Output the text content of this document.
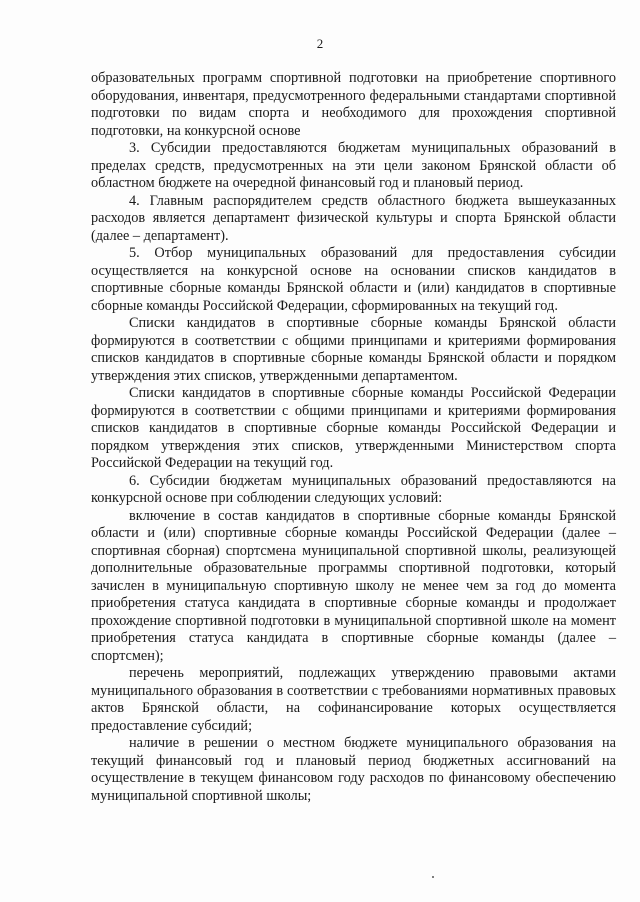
2

образовательных программ спортивной подготовки на приобретение спортивного оборудования, инвентаря, предусмотренного федеральными стандартами спортивной подготовки по видам спорта и необходимого для прохождения спортивной подготовки, на конкурсной основе

3. Субсидии предоставляются бюджетам муниципальных образований в пределах средств, предусмотренных на эти цели законом Брянской области об областном бюджете на очередной финансовый год и плановый период.

4. Главным распорядителем средств областного бюджета вышеуказанных расходов является департамент физической культуры и спорта Брянской области (далее – департамент).

5. Отбор муниципальных образований для предоставления субсидии осуществляется на конкурсной основе на основании списков кандидатов в спортивные сборные команды Брянской области и (или) кандидатов в спортивные сборные команды Российской Федерации, сформированных на текущий год.

Списки кандидатов в спортивные сборные команды Брянской области формируются в соответствии с общими принципами и критериями формирования списков кандидатов в спортивные сборные команды Брянской области и порядком утверждения этих списков, утвержденными департаментом.

Списки кандидатов в спортивные сборные команды Российской Федерации формируются в соответствии с общими принципами и критериями формирования списков кандидатов в спортивные сборные команды Российской Федерации и порядком утверждения этих списков, утвержденными Министерством спорта Российской Федерации на текущий год.

6. Субсидии бюджетам муниципальных образований предоставляются на конкурсной основе при соблюдении следующих условий:

включение в состав кандидатов в спортивные сборные команды Брянской области и (или) спортивные сборные команды Российской Федерации (далее – спортивная сборная) спортсмена муниципальной спортивной школы, реализующей дополнительные образовательные программы спортивной подготовки, который зачислен в муниципальную спортивную школу не менее чем за год до момента приобретения статуса кандидата в спортивные сборные команды и продолжает прохождение спортивной подготовки в муниципальной спортивной школе на момент приобретения статуса кандидата в спортивные сборные команды (далее – спортсмен);

перечень мероприятий, подлежащих утверждению правовыми актами муниципального образования в соответствии с требованиями нормативных правовых актов Брянской области, на софинансирование которых осуществляется предоставление субсидий;

наличие в решении о местном бюджете муниципального образования на текущий финансовый год и плановый период бюджетных ассигнований на осуществление в текущем финансовом году расходов по финансовому обеспечению муниципальной спортивной школы;
